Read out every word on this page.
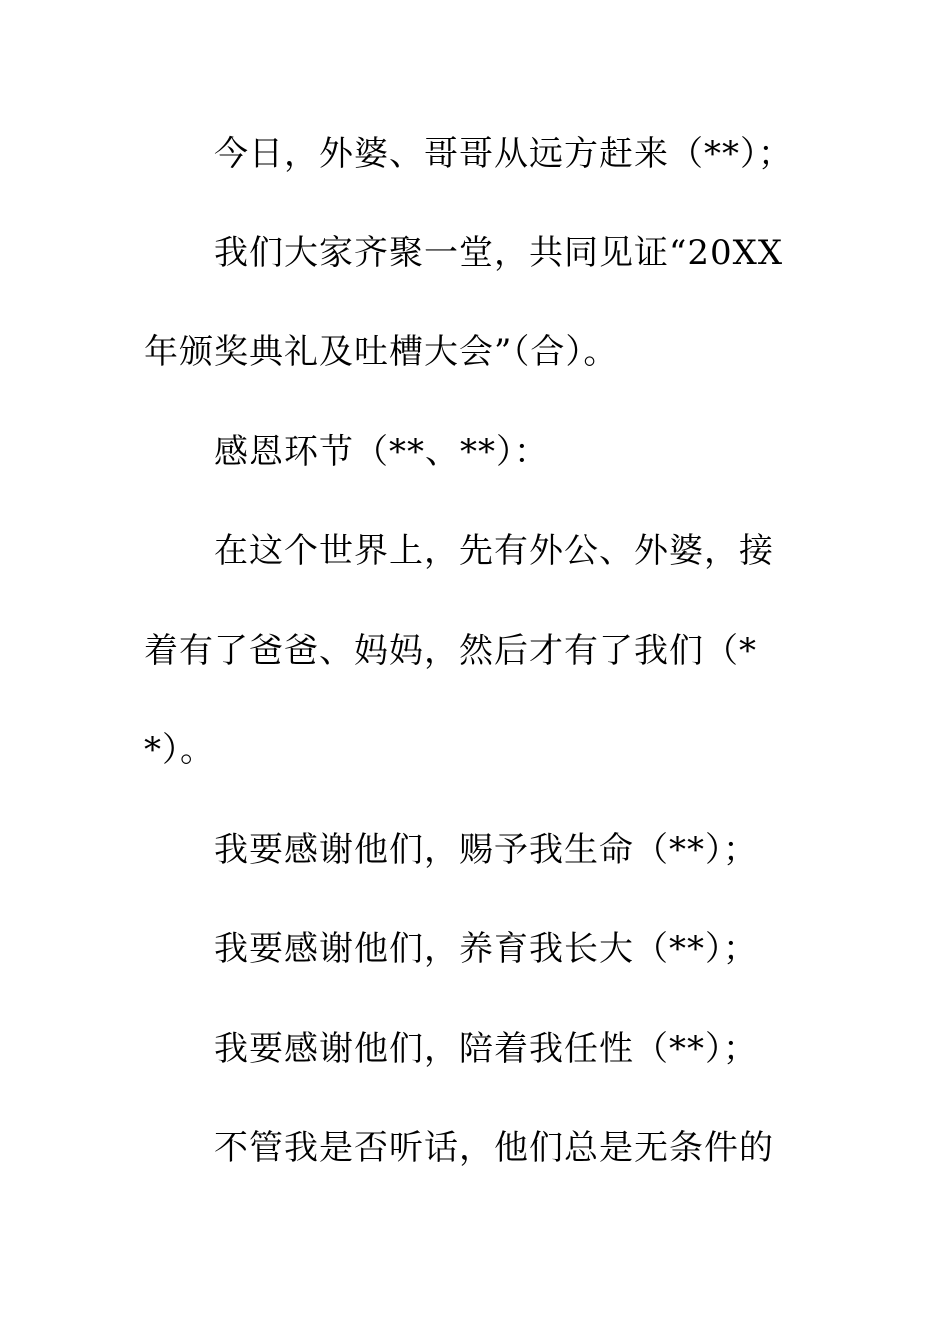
今日，外婆、哥哥从远方赶来（**）；

我们大家齐聚一堂，共同见证“20XX

年颁奖典礼及吐槽大会”（合）。

感恩环节（**、**）：

在这个世界上，先有外公、外婆，接

着有了爸爸、妈妈，然后才有了我们（*

*）。

我要感谢他们，赐予我生命（**）；

我要感谢他们，养育我长大（**）；

我要感谢他们，陪着我任性（**）；

不管我是否听话，他们总是无条件的
